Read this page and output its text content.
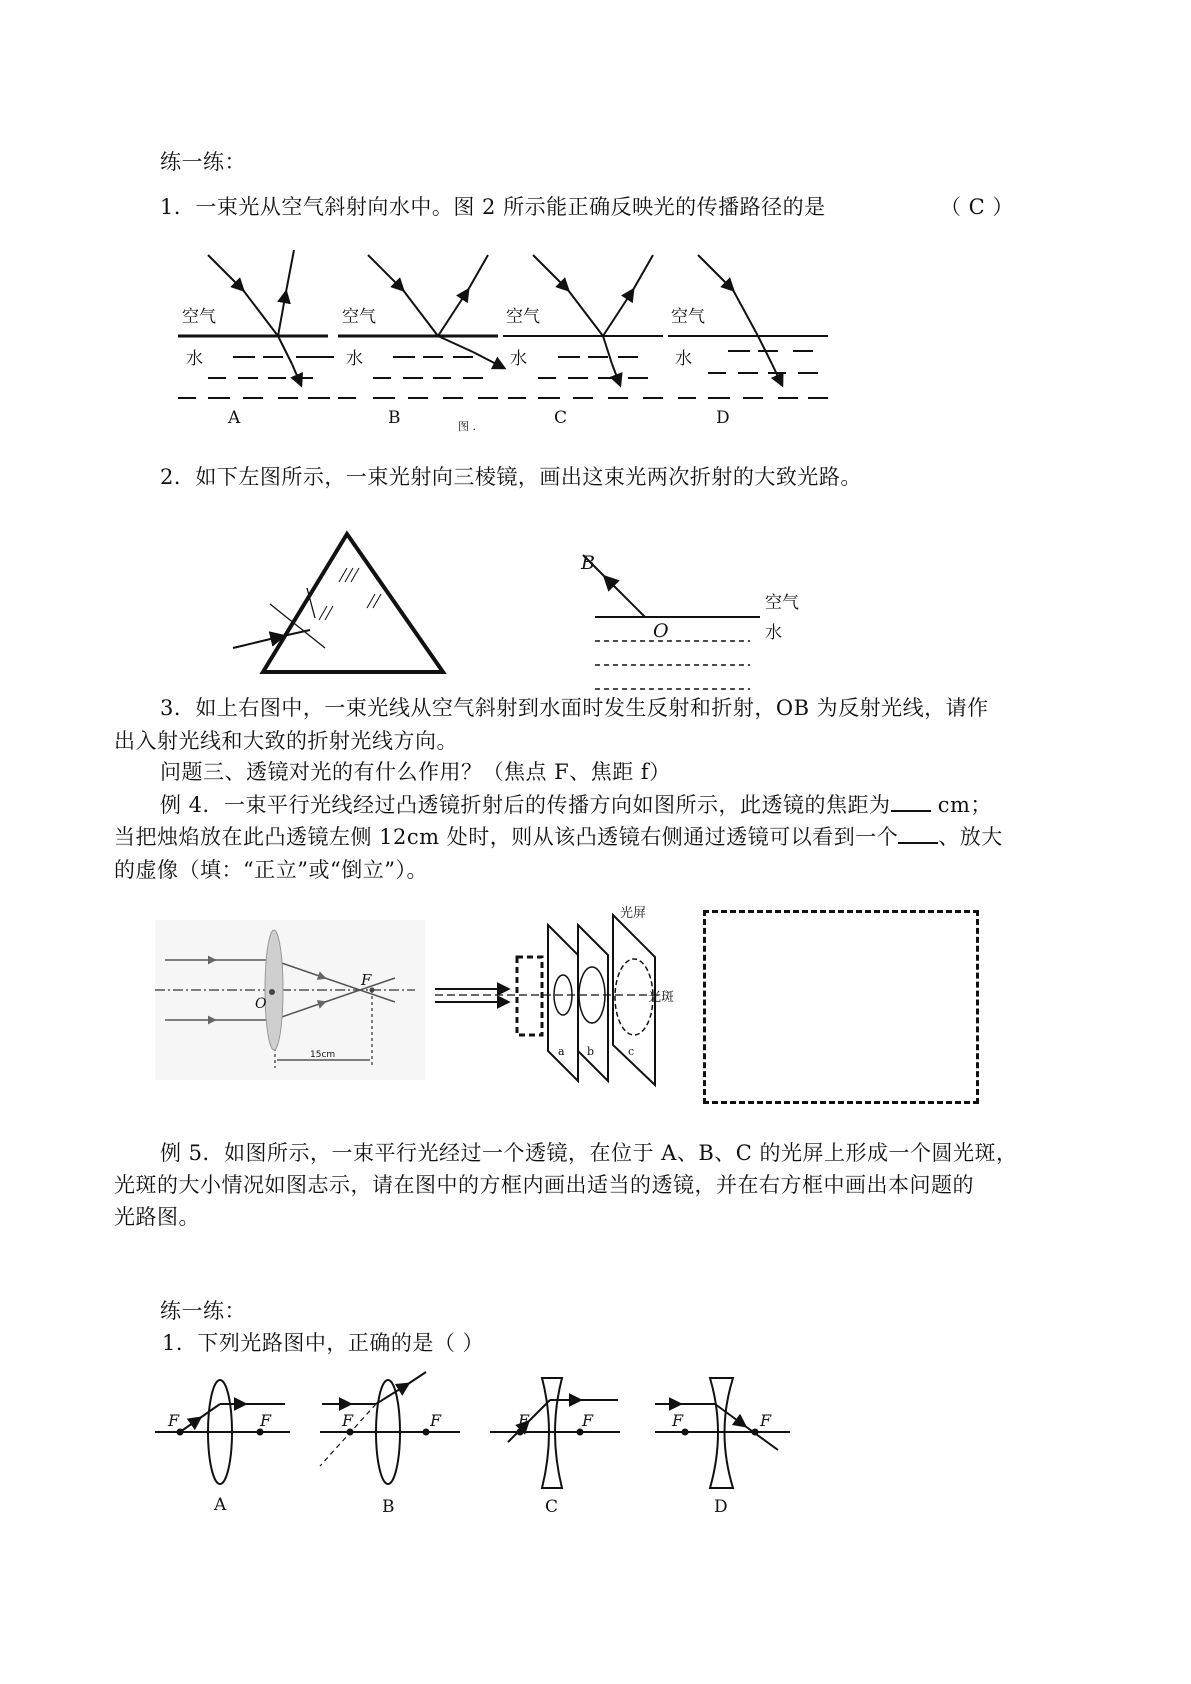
练一练：
1．一束光从空气斜射向水中。图 2 所示能正确反映光的传播路径的是	（ C ）
空气	空气	空气	空气
水	水	水	水
A	B	C	D
图 .
2．如下左图所示，一束光射向三棱镜，画出这束光两次折射的大致光路。
B
O
空气
水
3．如上右图中，一束光线从空气斜射到水面时发生反射和折射，OB 为反射光线，请作
出入射光线和大致的折射光线方向。
问题三、透镜对光的有什么作用？（焦点 F、焦距 f）
例 4．一束平行光线经过凸透镜折射后的传播方向如图所示，此透镜的焦距为 cm；
当把烛焰放在此凸透镜左侧 12cm 处时，则从该凸透镜右侧通过透镜可以看到一个 、放大
的虚像（填：“正立”或“倒立”）。
O
F
15cm	a b	c
光屏
光斑
例 5．如图所示，一束平行光经过一个透镜，在位于 A、B、C 的光屏上形成一个圆光斑，
光斑的大小情况如图志示，请在图中的方框内画出适当的透镜，并在右方框中画出本问题的
光路图。
练一练：
1．下列光路图中，正确的是（ ）
F	F	F	F	F	F	F	F
A	B	C	D
